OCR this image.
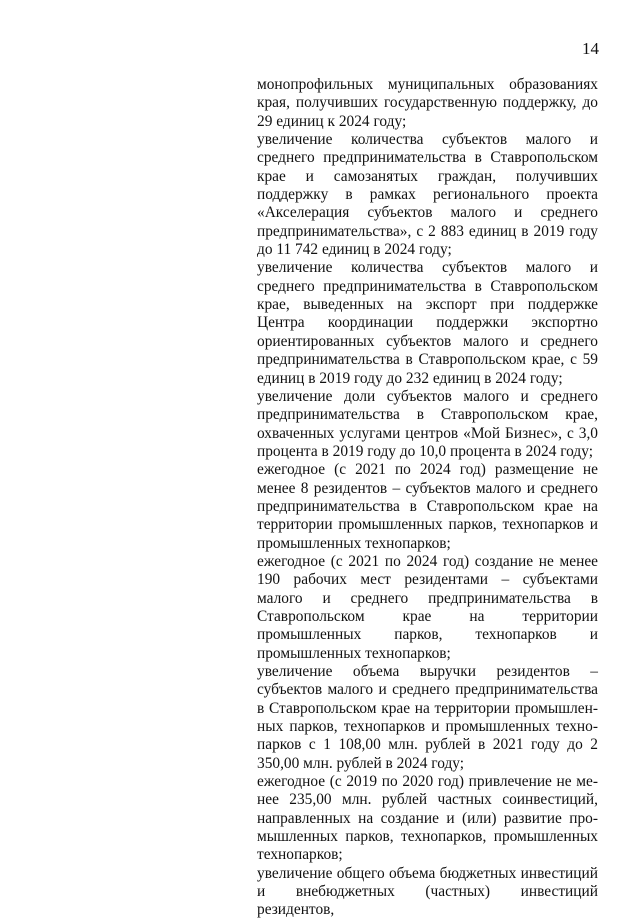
14

монопрофильных муниципальных образованиях края, получивших государственную поддержку, до 29 единиц к 2024 году;

увеличение количества субъектов малого и среднего предпринимательства в Ставропольском крае и самозанятых граждан, получивших поддержку в рамках регионального проекта «Акселерация субъектов малого и среднего предпринимательства», с 2 883 единиц в 2019 году до 11 742 единиц в 2024 году;

увеличение количества субъектов малого и среднего предпринимательства в Ставропольском крае, выведенных на экспорт при поддержке Центра координации поддержки экспортно ориентированных субъектов малого и среднего предпринимательства в Ставропольском крае, с 59 единиц в 2019 году до 232 единиц в 2024 году;

увеличение доли субъектов малого и среднего предпринимательства в Ставропольском крае, охваченных услугами центров «Мой Бизнес», с 3,0 процента в 2019 году до 10,0 процента в 2024 году;

ежегодное (с 2021 по 2024 год) размещение не менее 8 резидентов – субъектов малого и среднего предпринимательства в Ставропольском крае на территории промышленных парков, технопарков и промышленных технопарков;

ежегодное (с 2021 по 2024 год) создание не менее 190 рабочих мест резидентами – субъектами малого и среднего предпринимательства в Ставропольском крае на территории промышленных парков, технопарков и промышленных технопарков;

увеличение объема выручки резидентов – субъектов малого и среднего предпринимательства в Ставропольском крае на территории промышленных парков, технопарков и промышленных технопарков с 1 108,00 млн. рублей в 2021 году до 2 350,00 млн. рублей в 2024 году;

ежегодное (с 2019 по 2020 год) привлечение не менее 235,00 млн. рублей частных соинвестиций, направленных на создание и (или) развитие промышленных парков, технопарков, промышленных технопарков;

увеличение общего объема бюджетных инвестиций и внебюджетных (частных) инвестиций резидентов,
